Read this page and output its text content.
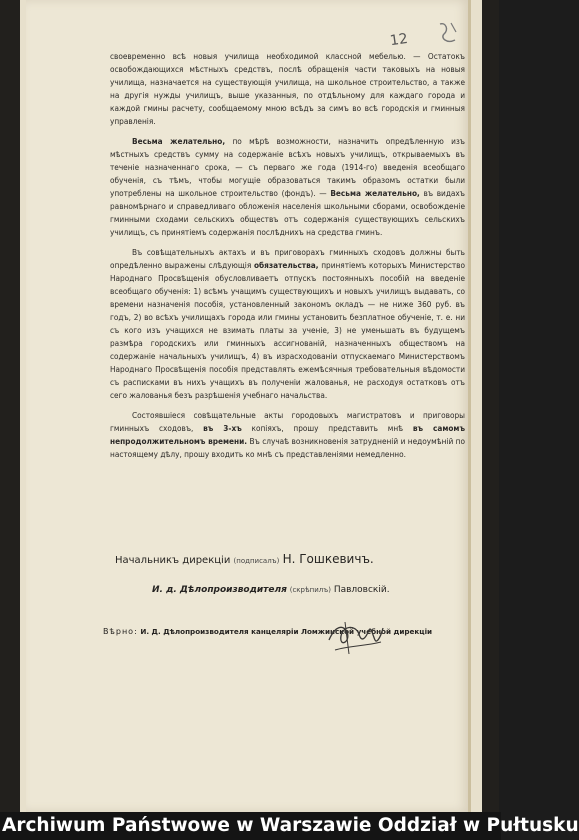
12

своевременно всѣ новыя училища необходимой классной мебелью. — Остатокъ освобождающихся мѣстныхъ средствъ, послѣ обращенія части таковыхъ на новыя училища, назначается на существующія училища, на школьное строительство, а также на другія нужды училищъ, выше указанныя, по отдѣльному для каждаго города и каждой гмины расчету, сообщаемому мною всѣдъ за симъ во всѣ городскія и гминныя управленія.

Весьма желательно, по мѣрѣ возможности, назначить опредѣленную изъ мѣстныхъ средствъ сумму на содержаніе всѣхъ новыхъ училищъ, открываемыхъ въ теченіе назначеннаго срока, — съ перваго же года (1914-го) введенія всеобщаго обученія, съ тѣмъ, чтобы могущіе образоваться такимъ образомъ остатки были употреблены на школьное строительство (фондъ). — Весьма желательно, въ видахъ равномѣрнаго и справедливаго обложенія населенія школьными сборами, освобожденіе гминными сходами сельскихъ обществъ отъ содержанія существующихъ сельскихъ училищъ, съ принятіемъ содержанія послѣднихъ на средства гминъ.

Въ совѣщательныхъ актахъ и въ приговорахъ гминныхъ сходовъ должны быть опредѣленно выражены слѣдующія обязательства, принятіемъ которыхъ Министерство Народнаго Просвѣщенія обусловливаетъ отпускъ постоянныхъ пособій на введеніе всеобщаго обученія: 1) всѣмъ учащимъ существующихъ и новыхъ училищъ выдавать, со времени назначенія пособія, установленный закономъ окладъ — не ниже 360 руб. въ годъ, 2) во всѣхъ училищахъ города или гмины установить безплатное обученіе, т. е. ни съ кого изъ учащихся не взимать платы за ученіе, 3) не уменьшать въ будущемъ размѣра городскихъ или гминныхъ ассигнованій, назначенныхъ обществомъ на содержаніе начальныхъ училищъ, 4) въ израсходованіи отпускаемаго Министерствомъ Народнаго Просвѣщенія пособія представлять ежемѣсячныя требовательныя вѣдомости съ расписками въ нихъ учащихъ въ полученіи жалованья, не расходуя остатковъ отъ сего жалованья безъ разрѣшенія учебнаго начальства.

Состоявшіеся совѣщательные акты городовыхъ магистратовъ и приговоры гминныхъ сходовъ, въ 3-хъ копіяхъ, прошу представить мнѣ въ самомъ непродолжительномъ времени. Въ случаѣ возникновенія затрудненій и недоумѣній по настоящему дѣлу, прошу входить ко мнѣ съ представленіями немедленно.

Начальникъ дирекціи (подписалъ) Н. Гошкевичъ.
И. д. Дѣлопроизводителя (скрѣпилъ) Павловскій.
Вѣрно: И. Д. Дѣлопроизводителя канцеляріи Ломжинской учебной дирекціи
Archiwum Państwowe w Warszawie Oddział w Pułtusku
